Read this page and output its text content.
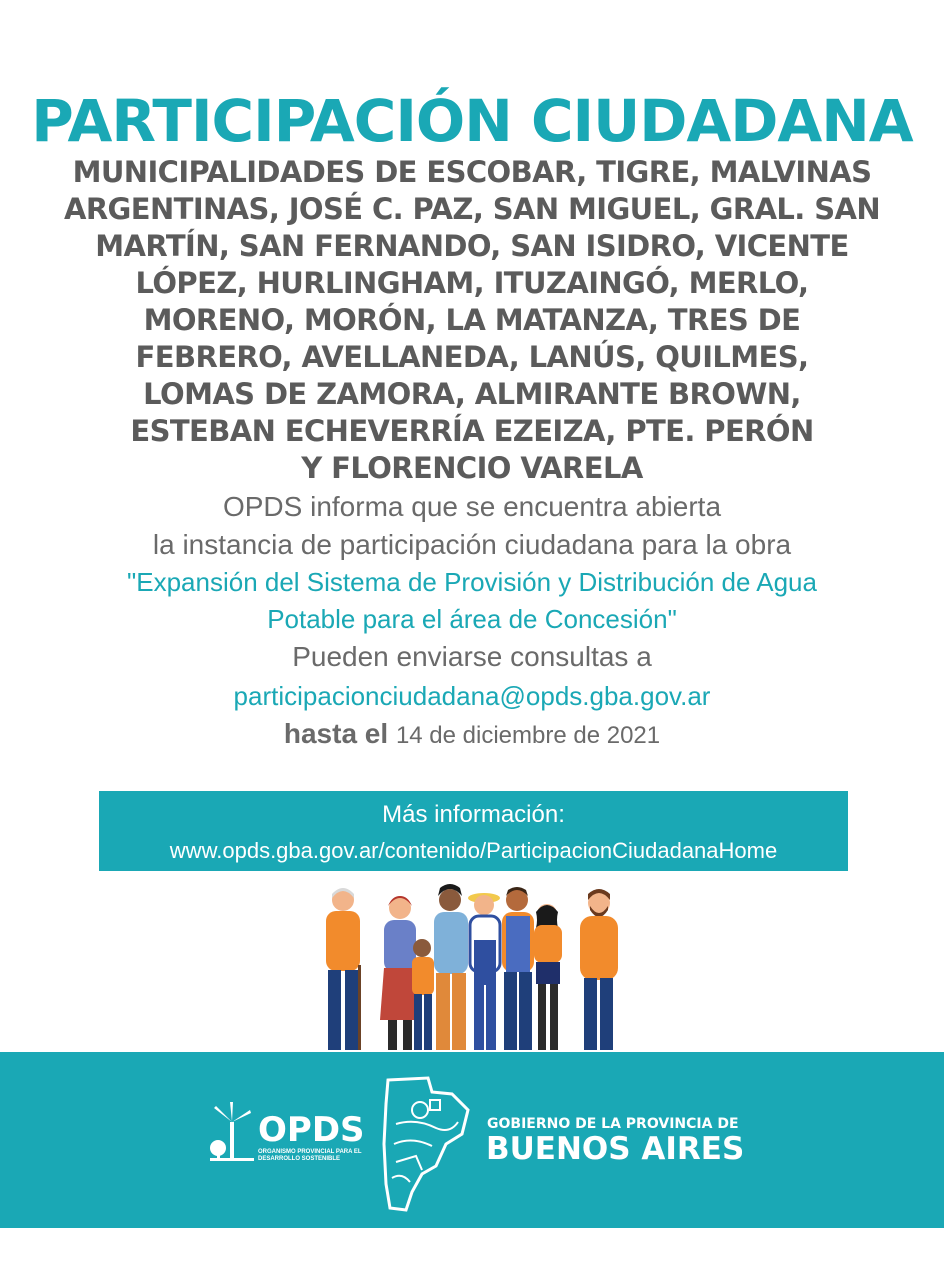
PARTICIPACIÓN CIUDADANA
MUNICIPALIDADES DE ESCOBAR, TIGRE, MALVINAS
ARGENTINAS, JOSÉ C. PAZ, SAN MIGUEL, GRAL. SAN
MARTÍN, SAN FERNANDO, SAN ISIDRO, VICENTE
LÓPEZ, HURLINGHAM, ITUZAINGÓ, MERLO,
MORENO, MORÓN, LA MATANZA, TRES DE
FEBRERO, AVELLANEDA, LANÚS, QUILMES,
LOMAS DE ZAMORA, ALMIRANTE BROWN,
ESTEBAN ECHEVERRÍA EZEIZA, PTE. PERÓN
Y FLORENCIO VARELA

OPDS informa que se encuentra abierta

la instancia de participación ciudadana para la obra

"Expansión del Sistema de Provisión y Distribución de Agua

Potable para el área de Concesión"

Pueden enviarse consultas a

participacionciudadana@opds.gba.gov.ar

hasta el 14 de diciembre de 2021

Más información:
www.opds.gba.gov.ar/contenido/ParticipacionCiudadanaHome
OPDS
ORGANISMO PROVINCIAL PARA EL DESARROLLO SOSTENIBLE
GOBIERNO DE LA PROVINCIA DE
BUENOS AIRES
